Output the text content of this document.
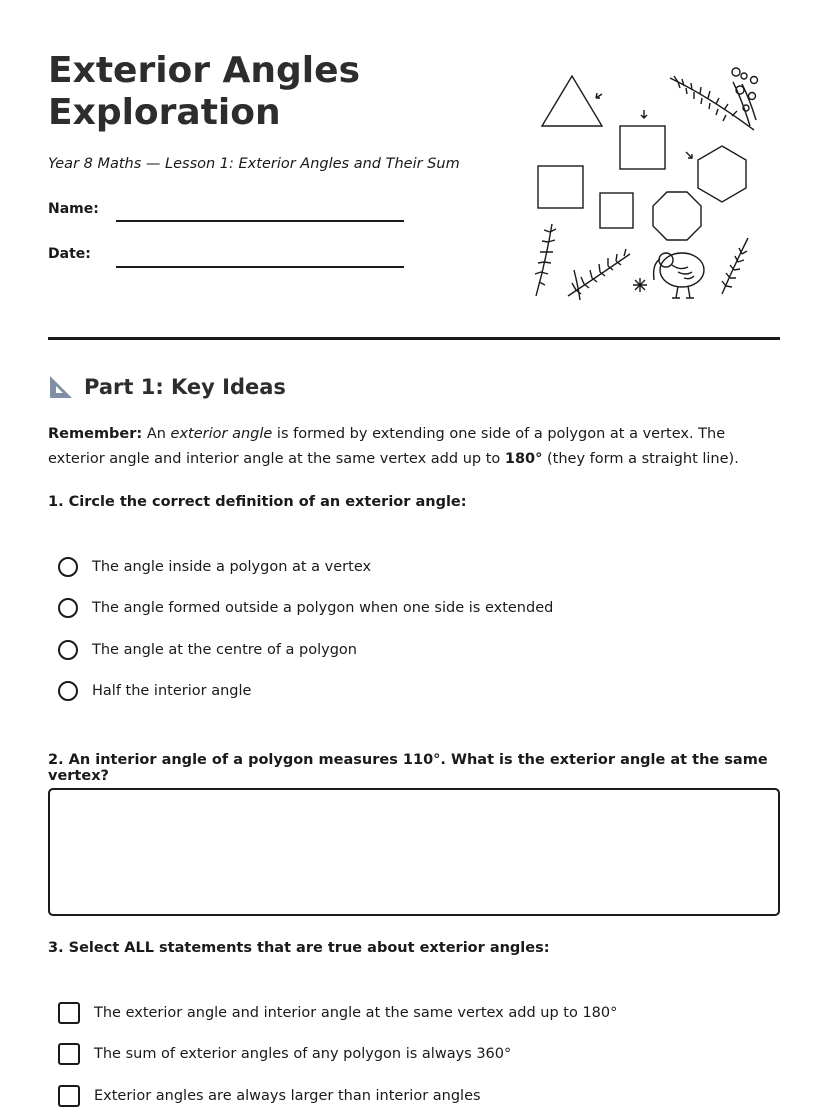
Exterior Angles
Exploration
Year 8 Maths — Lesson 1: Exterior Angles and Their Sum
Name:
Date:
Part 1: Key Ideas

Remember: An exterior angle is formed by extending one side of a polygon at a vertex. The exterior angle and interior angle at the same vertex add up to 180° (they form a straight line).

1. Circle the correct definition of an exterior angle:

The angle inside a polygon at a vertex
The angle formed outside a polygon when one side is extended
The angle at the centre of a polygon
Half the interior angle

2. An interior angle of a polygon measures 110°. What is the exterior angle at the same vertex?

3. Select ALL statements that are true about exterior angles:

The exterior angle and interior angle at the same vertex add up to 180°
The sum of exterior angles of any polygon is always 360°
Exterior angles are always larger than interior angles
